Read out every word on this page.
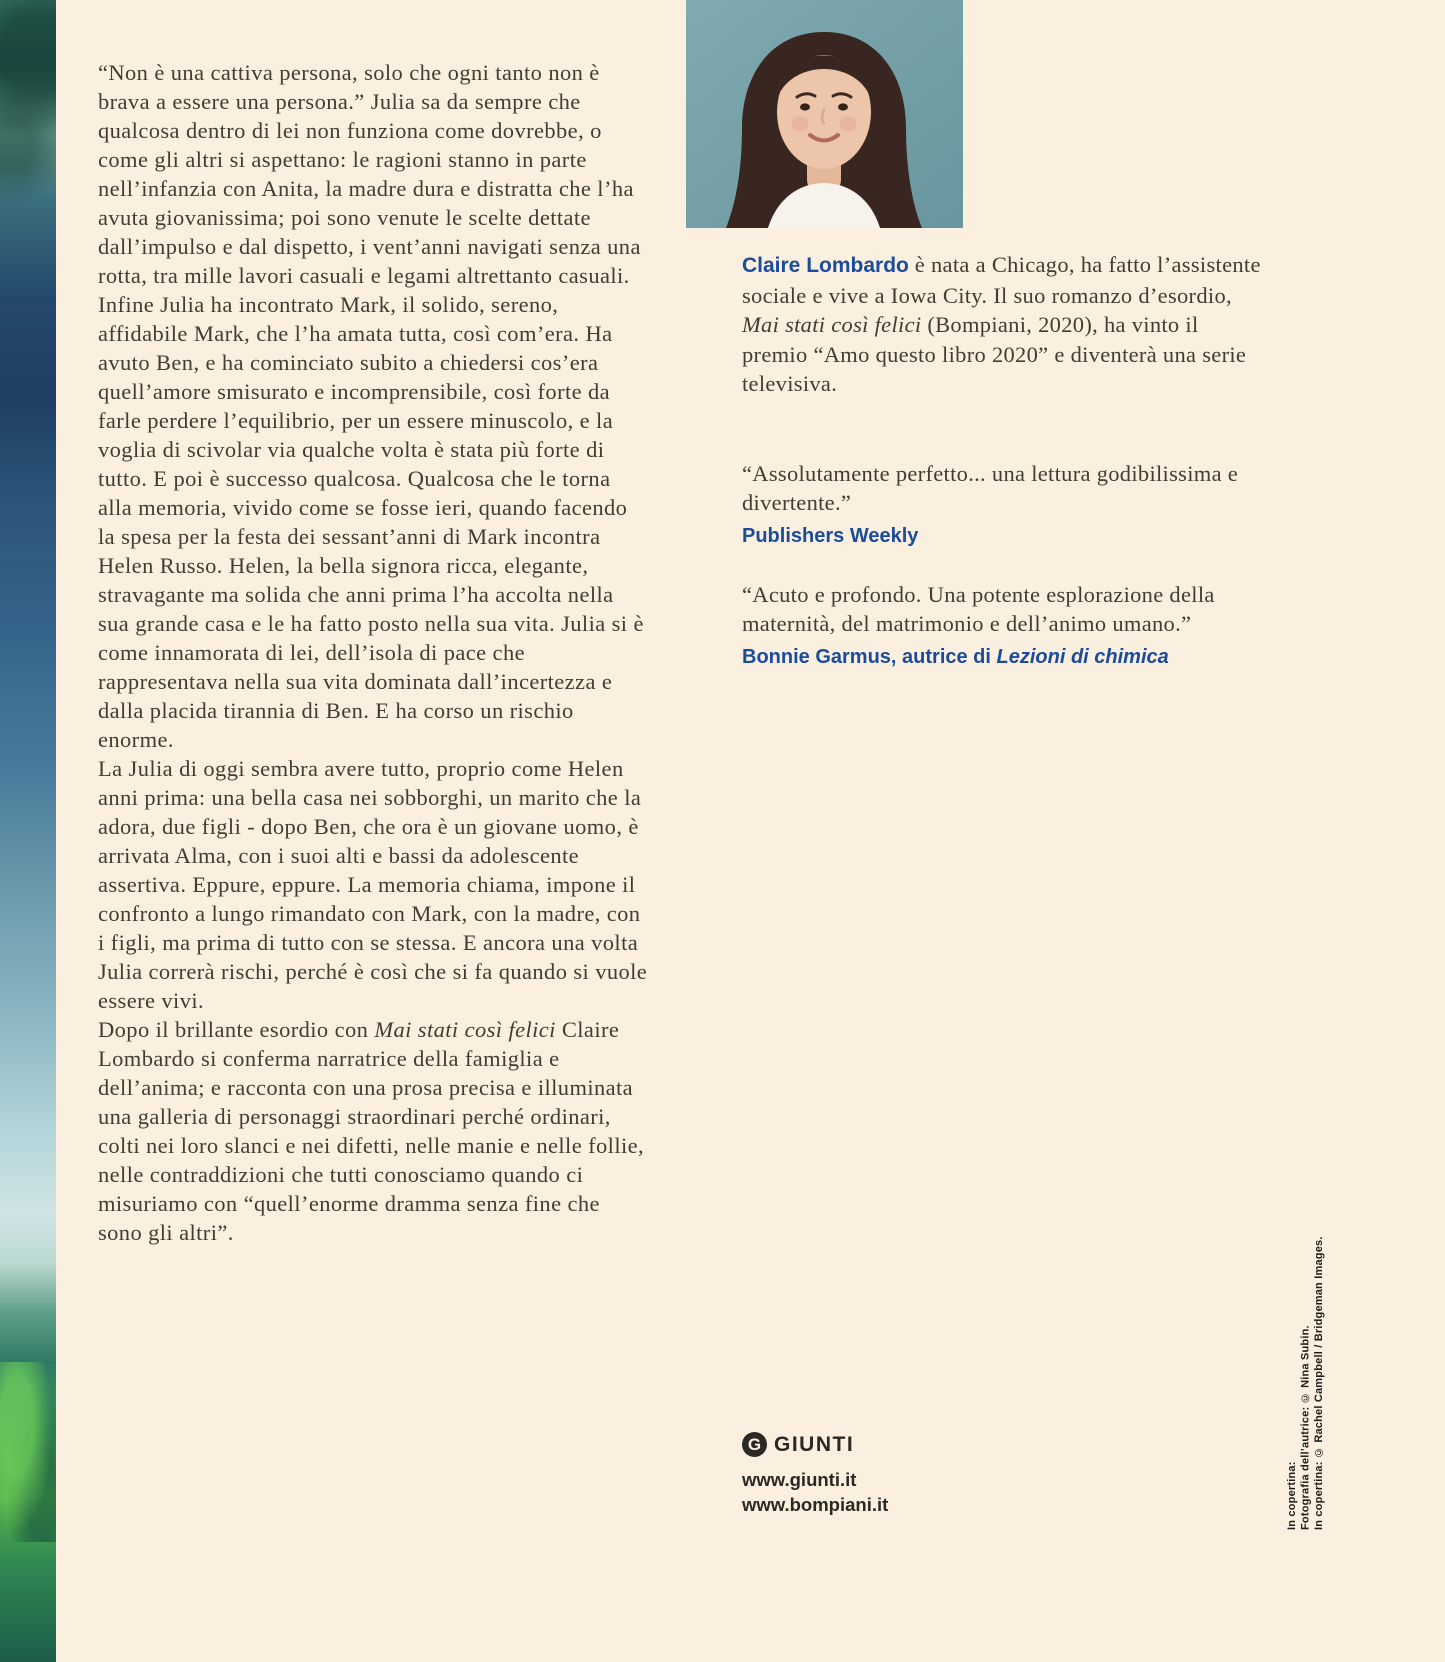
“Non è una cattiva persona, solo che ogni tanto non è brava a essere una persona.” Julia sa da sempre che qualcosa dentro di lei non funziona come dovrebbe, o come gli altri si aspettano: le ragioni stanno in parte nell’infanzia con Anita, la madre dura e distratta che l’ha avuta giovanissima; poi sono venute le scelte dettate dall’impulso e dal dispetto, i vent’anni navigati senza una rotta, tra mille lavori casuali e legami altrettanto casuali. Infine Julia ha incontrato Mark, il solido, sereno, affidabile Mark, che l’ha amata tutta, così com’era. Ha avuto Ben, e ha cominciato subito a chiedersi cos’era quell’amore smisurato e incomprensibile, così forte da farle perdere l’equilibrio, per un essere minuscolo, e la voglia di scivolar via qualche volta è stata più forte di tutto. E poi è successo qualcosa. Qualcosa che le torna alla memoria, vivido come se fosse ieri, quando facendo la spesa per la festa dei sessant’anni di Mark incontra Helen Russo. Helen, la bella signora ricca, elegante, stravagante ma solida che anni prima l’ha accolta nella sua grande casa e le ha fatto posto nella sua vita. Julia si è come innamorata di lei, dell’isola di pace che rappresentava nella sua vita dominata dall’incertezza e dalla placida tirannia di Ben. E ha corso un rischio enorme.

La Julia di oggi sembra avere tutto, proprio come Helen anni prima: una bella casa nei sobborghi, un marito che la adora, due figli - dopo Ben, che ora è un giovane uomo, è arrivata Alma, con i suoi alti e bassi da adolescente assertiva. Eppure, eppure. La memoria chiama, impone il confronto a lungo rimandato con Mark, con la madre, con i figli, ma prima di tutto con se stessa. E ancora una volta Julia correrà rischi, perché è così che si fa quando si vuole essere vivi.

Dopo il brillante esordio con Mai stati così felici Claire Lombardo si conferma narratrice della famiglia e dell’anima; e racconta con una prosa precisa e illuminata una galleria di personaggi straordinari perché ordinari, colti nei loro slanci e nei difetti, nelle manie e nelle follie, nelle contraddizioni che tutti conosciamo quando ci misuriamo con “quell’enorme dramma senza fine che sono gli altri”.

Claire Lombardo è nata a Chicago, ha fatto l’assistente sociale e vive a Iowa City. Il suo romanzo d’esordio, Mai stati così felici (Bompiani, 2020), ha vinto il premio “Amo questo libro 2020” e diventerà una serie televisiva.

“Assolutamente perfetto... una lettura godibilissima e divertente.”

Publishers Weekly

“Acuto e profondo. Una potente esplorazione della maternità, del matrimonio e dell’animo umano.”

Bonnie Garmus, autrice di Lezioni di chimica

G GIUNTI
www.giunti.it
www.bompiani.it	In copertina: Fotografia dell’autrice: © Nina Subin. In copertina: © Rachel Campbell / Bridgeman Images.
